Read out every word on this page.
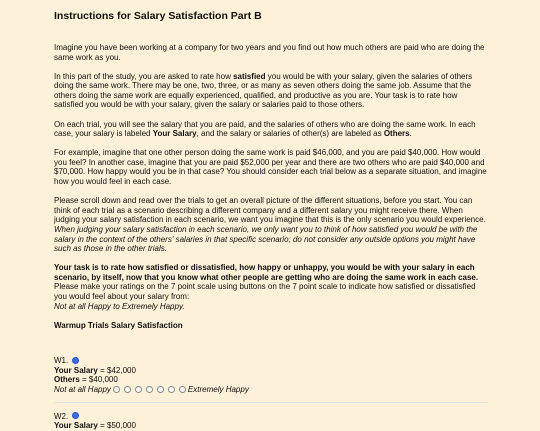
Instructions for Salary Satisfaction Part B

Imagine you have been working at a company for two years and you find out how much others are paid who are doing the same work as you.

In this part of the study, you are asked to rate how satisfied you would be with your salary, given the salaries of others doing the same work. There may be one, two, three, or as many as seven others doing the same job. Assume that the others doing the same work are equally experienced, qualified, and productive as you are. Your task is to rate how satisfied you would be with your salary, given the salary or salaries paid to those others.

On each trial, you will see the salary that you are paid, and the salaries of others who are doing the same work. In each case, your salary is labeled Your Salary, and the salary or salaries of other(s) are labeled as Others.

For example, imagine that one other person doing the same work is paid $46,000, and you are paid $40,000. How would you feel? In another case, imagine that you are paid $52,000 per year and there are two others who are paid $40,000 and $70,000. How happy would you be in that case? You should consider each trial below as a separate situation, and imagine how you would feel in each case.

Please scroll down and read over the trials to get an overall picture of the different situations, before you start. You can think of each trial as a scenario describing a different company and a different salary you might receive there. When judging your salary satisfaction in each scenario, we want you imagine that this is the only scenario you would experience. When judging your salary satisfaction in each scenario, we only want you to think of how satisfied you would be with the salary in the context of the others' salaries in that specific scenario; do not consider any outside options you might have such as those in the other trials.

Your task is to rate how satisfied or dissatisfied, how happy or unhappy, you would be with your salary in each scenario, by itself, now that you know what other people are getting who are doing the same work in each case. Please make your ratings on the 7 point scale using buttons on the 7 point scale to indicate how satisfied or dissatisfied you would feel about your salary from:
Not at all Happy to Extremely Happy.

Warmup Trials Salary Satisfaction
W1.
Your Salary = $42,000
Others = $40,000
Not at all Happy	Extremely Happy
W2.
Your Salary = $50,000
